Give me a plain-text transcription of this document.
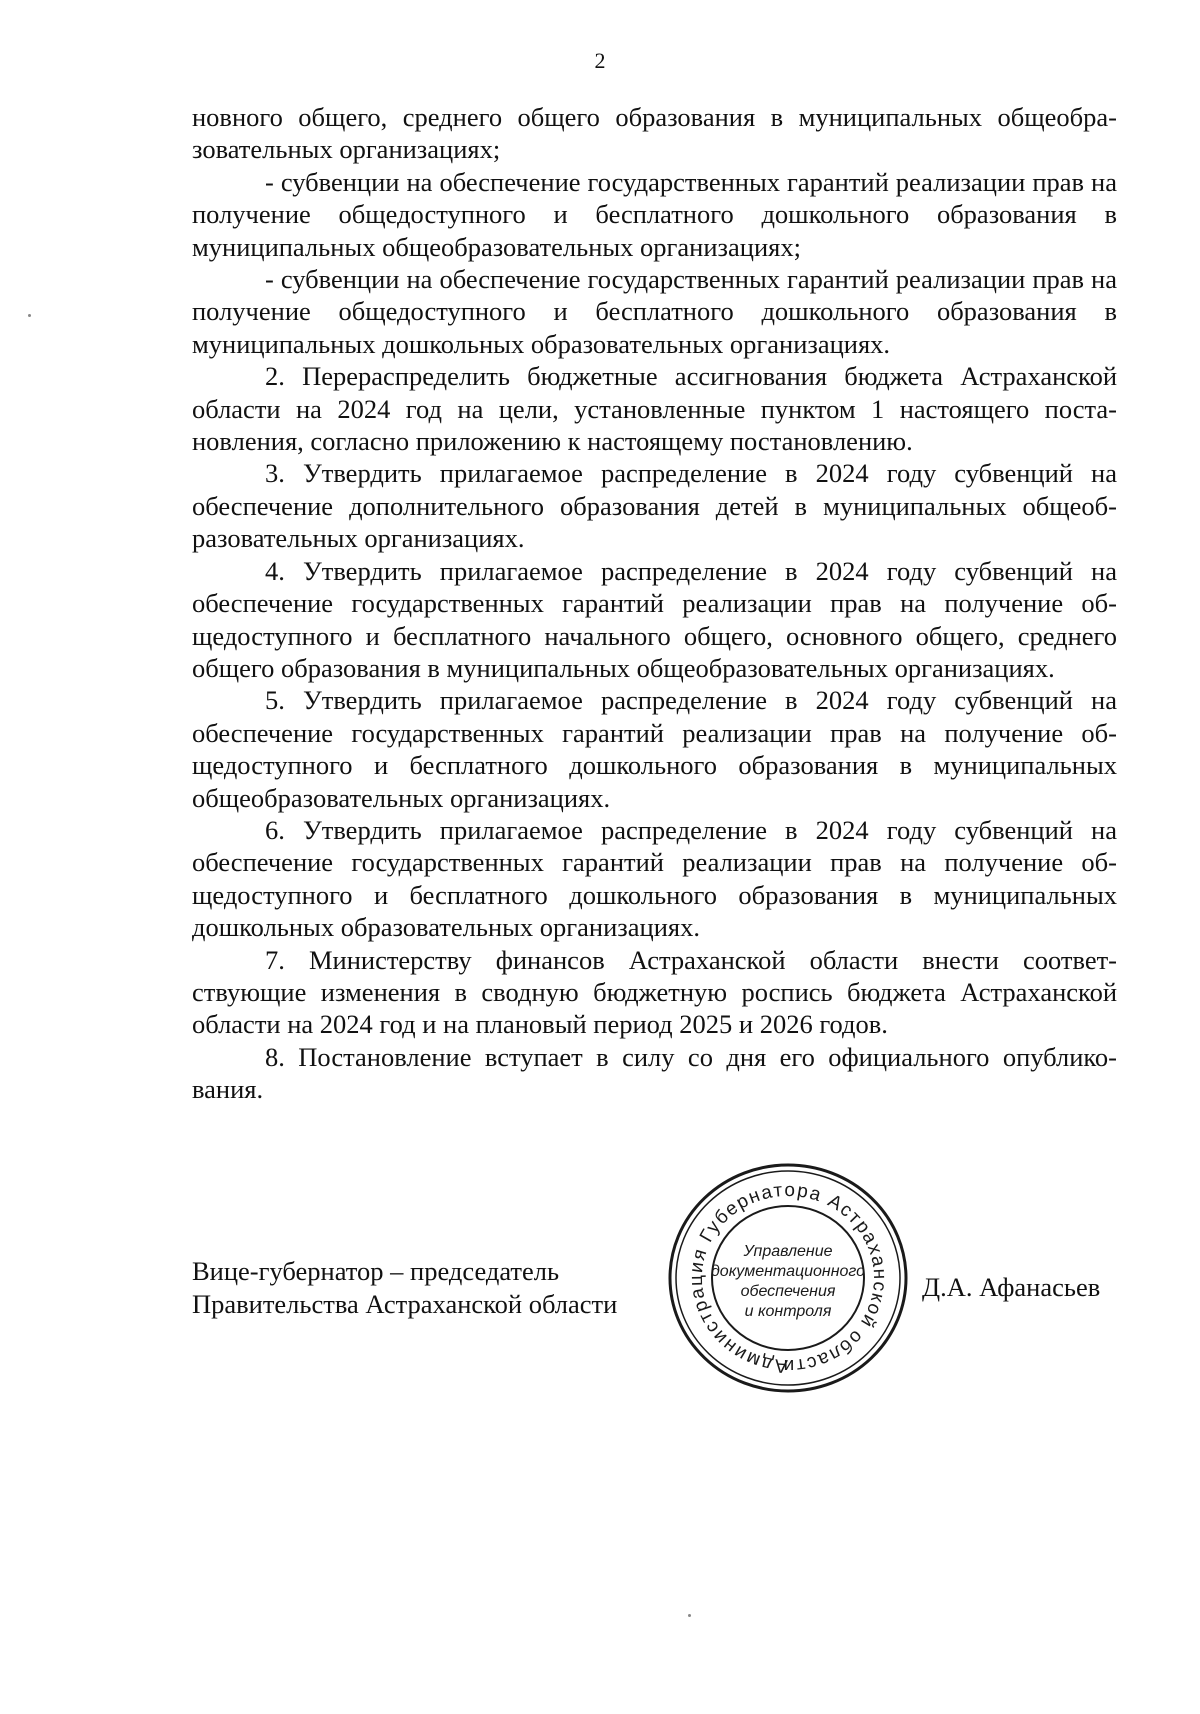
2

новного общего, среднего общего образования в муниципальных общеобразовательных организациях;

- субвенции на обеспечение государственных гарантий реализации прав на получение общедоступного и бесплатного дошкольного образования в муниципальных общеобразовательных организациях;

- субвенции на обеспечение государственных гарантий реализации прав на получение общедоступного и бесплатного дошкольного образования в муниципальных дошкольных образовательных организациях.

2. Перераспределить бюджетные ассигнования бюджета Астраханской области на 2024 год на цели, установленные пунктом 1 настоящего постановления, согласно приложению к настоящему постановлению.

3. Утвердить прилагаемое распределение в 2024 году субвенций на обеспечение дополнительного образования детей в муниципальных общеобразовательных организациях.

4. Утвердить прилагаемое распределение в 2024 году субвенций на обеспечение государственных гарантий реализации прав на получение общедоступного и бесплатного начального общего, основного общего, среднего общего образования в муниципальных общеобразовательных организациях.

5. Утвердить прилагаемое распределение в 2024 году субвенций на обеспечение государственных гарантий реализации прав на получение общедоступного и бесплатного дошкольного образования в муниципальных общеобразовательных организациях.

6. Утвердить прилагаемое распределение в 2024 году субвенций на обеспечение государственных гарантий реализации прав на получение общедоступного и бесплатного дошкольного образования в муниципальных дошкольных образовательных организациях.

7. Министерству финансов Астраханской области внести соответствующие изменения в сводную бюджетную роспись бюджета Астраханской области на 2024 год и на плановый период 2025 и 2026 годов.

8. Постановление вступает в силу со дня его официального опубликования.

Вице-губернатор – председатель
Правительства Астраханской области
Д.А. Афанасьев
Администрация Губернатора Астраханской области
Управление
документационного
обеспечения
и контроля
